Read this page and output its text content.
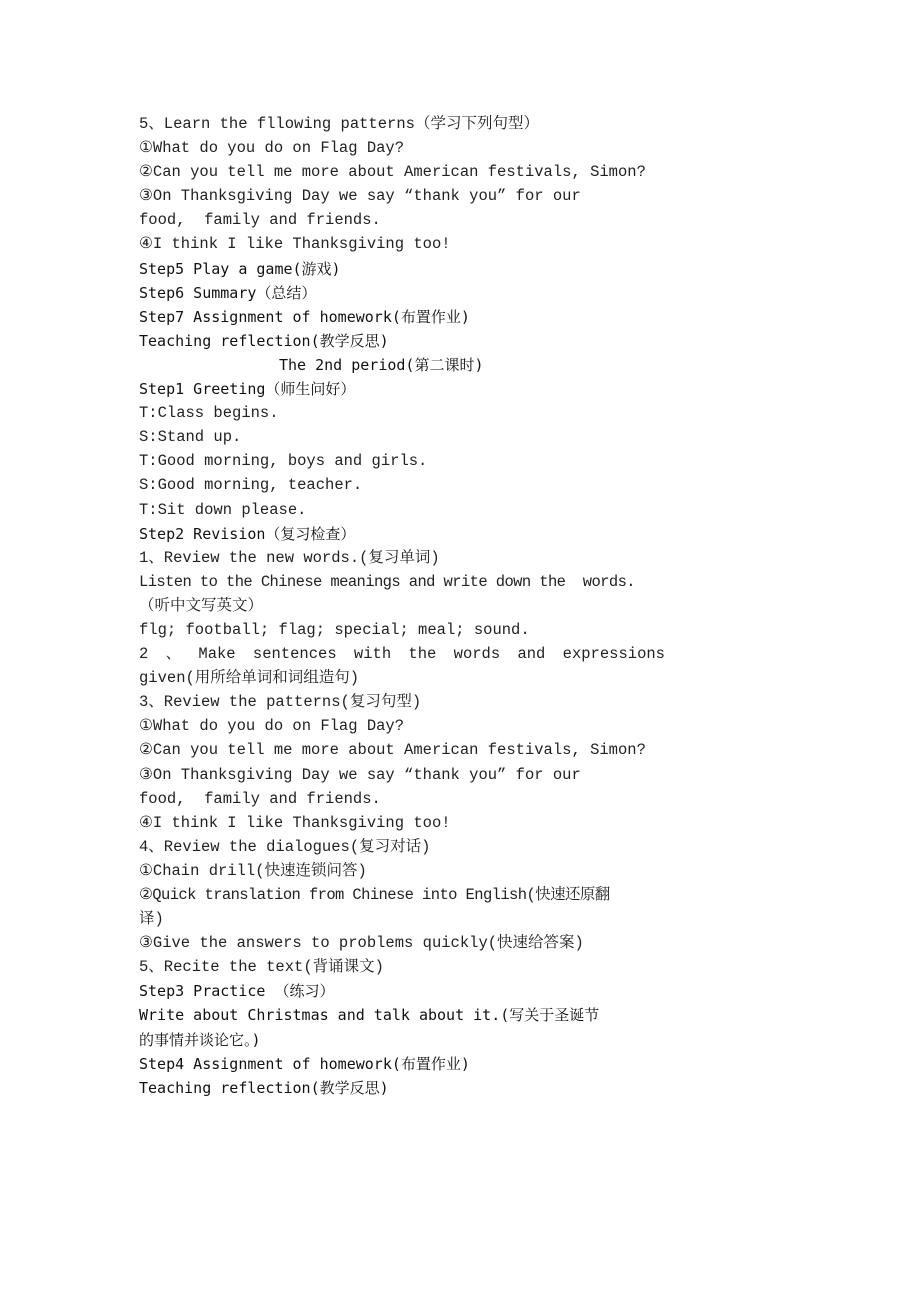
5、Learn the fllowing patterns（学习下列句型）
①What do you do on Flag Day?
②Can you tell me more about American festivals, Simon?
③On Thanksgiving Day we say “thank you” for our
food,  family and friends.
④I think I like Thanksgiving too!
Step5 Play a game(游戏)
Step6 Summary（总结）
Step7 Assignment of homework(布置作业)
Teaching reflection(教学反思)
The 2nd period(第二课时)
Step1 Greeting（师生问好）
T:Class begins.
S:Stand up.
T:Good morning, boys and girls.
S:Good morning, teacher.
T:Sit down please.
Step2 Revision（复习检查）
1、Review the new words.(复习单词)
Listen to the Chinese meanings and write down the  words.
（听中文写英文）
flg; football; flag; special; meal; sound.
2 、 Make sentences with the words and expressions
given(用所给单词和词组造句)
3、Review the patterns(复习句型)
①What do you do on Flag Day?
②Can you tell me more about American festivals, Simon?
③On Thanksgiving Day we say “thank you” for our
food,  family and friends.
④I think I like Thanksgiving too!
4、Review the dialogues(复习对话)
①Chain drill(快速连锁问答)
②Quick translation from Chinese into English(快速还原翻
译)
③Give the answers to problems quickly(快速给答案)
5、Recite the text(背诵课文)
Step3 Practice （练习）
Write about Christmas and talk about it.(写关于圣诞节
的事情并谈论它。)
Step4 Assignment of homework(布置作业)
Teaching reflection(教学反思)
